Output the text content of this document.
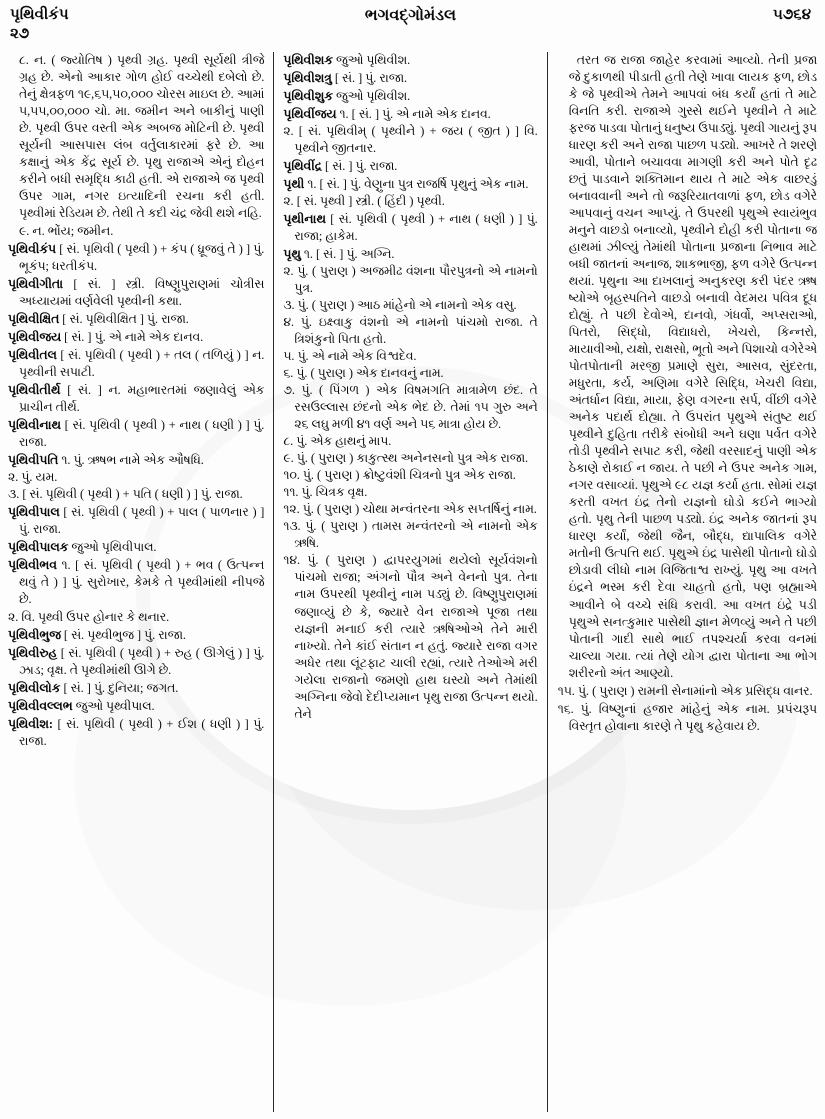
પૃથિવીકંપ
૨૭
ભગવદ્ગોમંડલ	૫૭૬૪

૮. ન. ( જ્યોતિષ ) પૃથ્વી ગ્રહ. પૃથ્વી સૂર્યથી ત્રીજે ગ્રહ છે. એનો આકાર ગોળ હોઈ વચ્ચેથી દબેલો છે. તેનું ક્ષેત્રફળ ૧૯,૬૫,૫૦,૦૦૦ ચોરસ માઇલ છે. આમાં ૫,૫૫,૦૦,૦૦૦ ચો. મા. જમીન અને બાકીનું પાણી છે. પૃથ્વી ઉપર વસ્તી એક અબજ મોટિની છે. પૃથ્વી સૂર્યની આસપાસ લંબ વર્તુલાકારમાં ફરે છે. આ કક્ષાનું એક કેંદ્ર સૂર્ય છે. પૃથુ રાજાએ એનું દોહન કરીને બધી સમૃદ્ધિ કાઢી હતી. એ રાજાએ જ પૃથ્વી ઉપર ગામ, નગર ઇત્યાદિની રચના કરી હતી. પૃથ્વીમાં રેડિયમ છે. તેથી તે કદી ચંદ્ર જેવી થશે નહિ.

૯. ન. ભોંય; જમીન.

પૃથિવીકંપ [ સં. પૃથિવી ( પૃથ્વી ) + કંપ ( ધ્રૂજવું તે ) ] પું. ભૂકંપ; ધરતીકંપ.

પૃથિવીગીતા [ સં. ] સ્ત્રી. વિષ્ણુપુરાણમાં ચોત્રીસ અધ્યાયમાં વર્ણવેલી પૃથ્વીની કથા.

પૃથિવીક્ષિત [ સં. પૃથિવીક્ષિત ] પું. રાજા.

પૃથિવીજય [ સં. ] પું. એ નામે એક દાનવ.

પૃથિવીતલ [ સં. પૃથિવી ( પૃથ્વી ) + તલ ( તળિયું ) ] ન. પૃથ્વીની સપાટી.

પૃથિવીતીર્થ [ સં. ] ન. મહાભારતમાં જણાવેલું એક પ્રાચીન તીર્થ.

પૃથિવીનાથ [ સં. પૃથિવી ( પૃથ્વી ) + નાથ ( ધણી ) ] પું. રાજા.

પૃથિવીપતિ ૧. પું. ઋષભ નામે એક ઔષધિ.

૨. પું. યમ.

૩. [ સં. પૃથિવી ( પૃથ્વી ) + પતિ ( ધણી ) ] પું. રાજા.

પૃથિવીપાલ [ સં. પૃથિવી ( પૃથ્વી ) + પાલ ( પાળનાર ) ] પું. રાજા.

પૃથિવીપાલક જુઓ પૃથિવીપાલ.

પૃથિવીભવ ૧. [ સં. પૃથિવી ( પૃથ્વી ) + ભવ ( ઉત્પન્ન થવું તે ) ] પું. સુરોખાર, કેમકે તે પૃથ્વીમાંથી નીપજે છે.

૨. વિ. પૃથ્વી ઉપર હોનાર કે થનાર.

પૃથિવીભુજ [ સં. પૃથ્વીભુજ ] પું. રાજા.

પૃથિવીરુહ [ સં. પૃથિવી ( પૃથ્વી ) + રુહ ( ઊગેલું ) ] પું. ઝાડ; વૃક્ષ. તે પૃથ્વીમાંથી ઊગે છે.

પૃથિવીલોક [ સં. ] પું. દુનિયા; જગત.

પૃથિવીવલ્લભ જુઓ પૃથ્વીપાલ.

પૃથિવીશ: [ સં. પૃથિવી ( પૃથ્વી ) + ઈશ ( ધણી ) ] પું. રાજા.

પૃથિવીશક જુઓ પૃથિવીશ.

પૃથિવીશત્રુ [ સં. ] પું. રાજા.

પૃથિવીશુક જુઓ પૃથિવીશ.

પૃથિવીંજય ૧. [ સં. ] પું. એ નામે એક દાનવ.

૨. [ સં. પૃથિવીમ્ ( પૃથ્વીને ) + જય ( જીત ) ] વિ. પૃથ્વીને જીતનાર.

પૃથિવીંદ્ર [ સં. ] પું. રાજા.

પૃથી ૧. [ સં. ] પું. વેણુના પુત્ર રાજર્ષિ પૃથુનું એક નામ.

૨. [ સં. પૃથ્વી ] સ્ત્રી. ( હિંદી ) પૃથ્વી.

પૃથીનાથ [ સં. પૃથિવી ( પૃથ્વી ) + નાથ ( ધણી ) ] પું. રાજા; હાકેમ.

પૃથુ ૧. [ સં. ] પું. અગ્નિ.

૨. પું. ( પુરાણ ) અજમીઢ વંશના પૌરપુત્રનો એ નામનો પુત્ર.

૩. પું. ( પુરાણ ) આઠ માંહેનો એ નામનો એક વસુ.

૪. પું. ઇક્ષ્વાકુ વંશનો એ નામનો પાંચમો રાજા. તે ત્રિશંકુનો પિતા હતો.

૫. પું. એ નામે એક વિશ્વદેવ.

૬. પું. ( પુરાણ ) એક દાનવનું નામ.

૭. પું. ( પિંગળ ) એક વિષમગતિ માત્રામેળ છંદ. તે રસઉલ્લાસ છંદનો એક ભેદ છે. તેમાં ૧૫ ગુરુ અને ૨૬ લઘુ મળી ૪૧ વર્ણ અને ૫૬ માત્રા હોય છે.

૮. પું. એક હાથનું માપ.

૯. પું. ( પુરાણ ) કાકુત્સ્થ અનેનસનો પુત્ર એક રાજા.

૧૦. પું. ( પુરાણ ) ક્રોષ્ટુવંશી ચિત્રનો પુત્ર એક રાજા.

૧૧. પું. ચિત્રક વૃક્ષ.

૧૨. પું. ( પુરાણ ) ચોથા મન્વંતરના એક સપ્તર્ષિનું નામ.

૧૩. પું. ( પુરાણ ) તામસ મન્વંતરનો એ નામનો એક ઋષિ.

૧૪. પું. ( પુરાણ ) દ્વાપરયુગમાં થયેલો સૂર્યવંશનો પાંચમો રાજા; અંગનો પૌત્ર અને વેનનો પુત્ર. તેના નામ ઉપરથી પૃથ્વીનું નામ પડ્યું છે. વિષ્ણુપુરાણમાં જણાવ્યું છે કે, જ્યારે વેન રાજાએ પૂજા તથા યજ્ઞની મનાઈ કરી ત્યારે ઋષિઓએ તેને મારી નાખ્યો. તેને કાંઈ સંતાન ન હતું. જ્યારે રાજા વગર અધેર તથા લૂંટફાટ ચાલી રહ્યાં, ત્યારે તેઓએ મરી ગયેલા રાજાનો જમણો હાથ ઘસ્યો અને તેમાંથી અગ્નિના જેવો દેદીપ્યમાન પૃથુ રાજા ઉત્પન્ન થયો. તેને

તરત જ રાજા જાહેર કરવામાં આવ્યો. તેની પ્રજા જે દુકાળથી પીડાતી હતી તેણે ખાવા લાયક ફળ, છોડ કે જે પૃથ્વીએ તેમને આપવાં બંધ કર્યાં હતાં તે માટે વિનતિ કરી. રાજાએ ગુસ્સે થઈને પૃથ્વીને તે માટે ફરજ પાડવા પોતાનું ધનુષ્ય ઉપાડ્યું. પૃથ્વી ગાયનું રૂપ ધારણ કરી અને રાજા પાછળ પડ્યો. આખરે તે શરણે આવી, પોતાને બચાવવા માગણી કરી અને પોતે દૃઢ છતું પાડવાને શક્તિમાન થાય તે માટે એક વાછરડું બનાવવાની અને તો જરૂરિયાતવાળાં ફળ, છોડ વગેરે આપવાનું વચન આપ્યું. તે ઉપરથી પૃથુએ સ્વાયંભુવ મનુને વાછડો બનાવ્યો, પૃથ્વીને દોહી કરી પોતાના જ હાથમાં ઝીલ્યું તેમાંથી પોતાના પ્રજાના નિભાવ માટે બધી જાતનાં અનાજ, શાકભાજી, ફળ વગેરે ઉત્પન્ન થયાં. પૃથુના આ દાખલાનું અનુકરણ કરી પંદર ઋષ ષ્યોએ બૃહસ્પતિને વાછડો બનાવી વેદમય પવિત્ર દૂધ દોહ્યું. તે પછી દેવોએ, દાનવો, ગંધર્વો, અપ્સરાઓ, પિતરો, સિદ્ધો, વિદ્યાધરો, ખેચરો, કિન્નરો, માયાવીઓ, યક્ષો, રાક્ષસો, ભૂતો અને પિશાચો વગેરેએ પોતપોતાની મરજી પ્રમાણે સુરા, આસવ, સુંદરતા, મધુરતા, કર્ય, અણિમા વગેરે સિદ્ધિ, ખેચરી વિદ્યા, અંતર્ધાન વિદ્યા, માયા, ફેણ વગરના સર્પ, વીંછી વગેરે અનેક પદાર્થ દોહ્યા. તે ઉપરાંત પૃથુએ સંતુષ્ટ થઈ પૃથ્વીને દુહિતા તરીકે સંબોધી અને ઘણા પર્વત વગેરે તોડી પૃથ્વીને સપાટ કરી, જેથી વરસાદનું પાણી એક ઠેકાણે રોકાઈ ન જાય. તે પછી ને ઉપર અનેક ગામ, નગર વસાવ્યાં. પૃથુએ ૯૮ યજ્ઞ કર્યા હતા. સોમાં યજ્ઞ કરતી વખત ઇંદ્ર તેનો યજ્ઞનો ઘોડો કઈને ભાગ્યો હતો. પૃથુ તેની પાછળ પડ્યો. ઇંદ્ર અનેક જાતનાં રૂપ ધારણ કર્યાં, જેથી જૈન, બૌદ્ધ, દ્યાપાલિક વગેરે મતોની ઉત્પત્તિ થઈ. પૃથુએ ઇંદ્ર પાસેથી પોતાનો ઘોડો છોડાવી લીધો નામ વિજિતાશ્વ રાખ્યું. પૃથુ આ વખતે ઇંદ્રને ભસ્મ કરી દેવા ચાહતો હતો, પણ બ્રહ્માએ આવીને બે વચ્ચે સંધિ કરાવી. આ વખત ઇંદ્રે પડી પૃથુએ સનત્કુમાર પાસેથી જ્ઞાન મેળવ્યું અને તે પછી પોતાની ગાદી સાથે ભાઈ તપશ્ચર્યા કરવા વનમાં ચાલ્યા ગયા. ત્યાં તેણે યોગ દ્વારા પોતાના આ ભોગ શરીરનો અંત આણ્યો.

૧૫. પું. ( પુરાણ ) રામની સેનામાંનો એક પ્રસિદ્ધ વાનર.

૧૬. પું. વિષ્ણુનાં હજાર માંહેનું એક નામ. પ્રપંચરૂપ વિસ્તૃત હોવાના કારણે તે પૃથુ કહેવાય છે.
